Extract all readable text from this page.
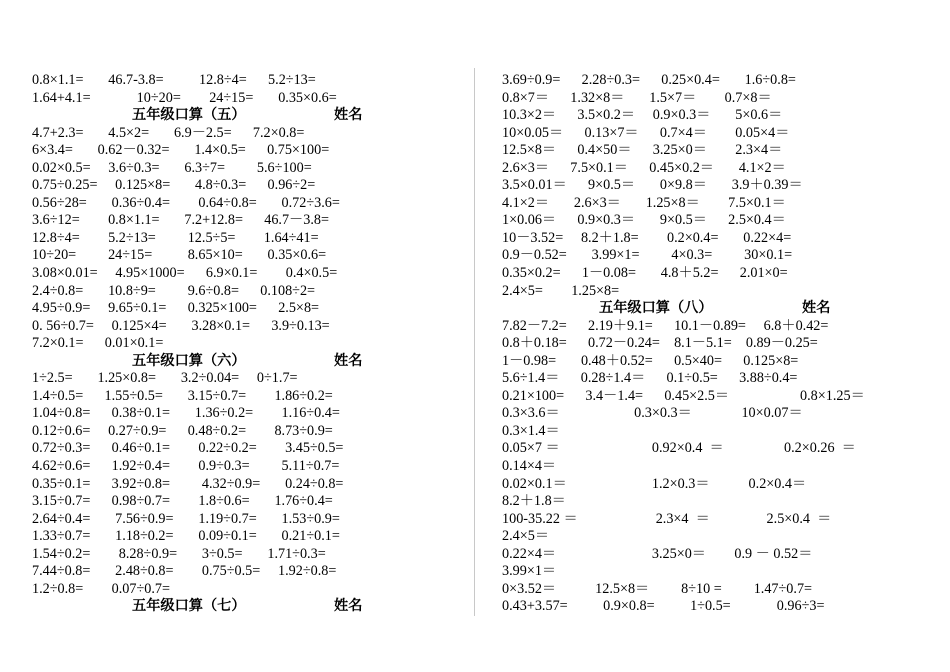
0.8×1.1=       46.7-3.8=          12.8÷4=      5.2÷13=
1.64+4.1=             10÷20=        24÷15=       0.35×0.6=
五年级口算（五）	姓名
4.7+2.3=       4.5×2=       6.9－2.5=      7.2×0.8=
6×3.4=       0.62－0.32=       1.4×0.5=      0.75×100=
0.02×0.5=     3.6÷0.3=       6.3÷7=         5.6÷100=
0.75÷0.25=     0.125×8=       4.8÷0.3=      0.96÷2=
0.56÷28=       0.36÷0.4=        0.64÷0.8=       0.72÷3.6=
3.6÷12=        0.8×1.1=       7.2+12.8=      46.7－3.8=
12.8÷4=        5.2÷13=         12.5÷5=        1.64÷41=
10÷20=         24÷15=          8.65×10=       0.35×0.6=
3.08×0.01=     4.95×1000=      6.9×0.1=        0.4×0.5=
2.4÷0.8=       10.8÷9=         9.6÷0.8=      0.108÷2=
4.95÷0.9=     9.65÷0.1=      0.325×100=      2.5×8=
0. 56÷0.7=     0.125×4=       3.28×0.1=      3.9÷0.13=
7.2×0.1=      0.01×0.1=
五年级口算（六）	姓名
1÷2.5=       1.25×0.8=       3.2÷0.04=     0÷1.7=
1.4÷0.5=      1.55÷0.5=       3.15÷0.7=        1.86÷0.2=
1.04÷0.8=      0.38÷0.1=       1.36÷0.2=        1.16÷0.4=
0.12÷0.6=     0.27÷0.9=      0.48÷0.2=        8.73÷0.9=
0.72÷0.3=      0.46÷0.1=        0.22÷0.2=        3.45÷0.5=
4.62÷0.6=      1.92÷0.4=        0.9÷0.3=         5.11÷0.7=
0.35÷0.1=      3.92÷0.8=         4.32÷0.9=       0.24÷0.8=
3.15÷0.7=      0.98÷0.7=        1.8÷0.6=       1.76÷0.4=
2.64÷0.4=       7.56÷0.9=       1.19÷0.7=       1.53÷0.9=
1.33÷0.7=       1.18÷0.2=       0.09÷0.1=       0.21÷0.1=
1.54÷0.2=        8.28÷0.9=       3÷0.5=       1.71÷0.3=
7.44÷0.8=       2.48÷0.8=        0.75÷0.5=     1.92÷0.8=
1.2÷0.8=        0.07÷0.7=
五年级口算（七）	姓名
3.69÷0.9=      2.28÷0.3=      0.25×0.4=       1.6÷0.8=
0.8×7＝      1.32×8＝       1.5×7＝        0.7×8＝
10.3×2＝      3.5×0.2＝     0.9×0.3＝       5×0.6＝
10×0.05＝      0.13×7＝      0.7×4＝        0.05×4＝
12.5×8＝      0.4×50＝      3.25×0＝        2.3×4＝
2.6×3＝      7.5×0.1＝      0.45×0.2＝       4.1×2＝
3.5×0.01＝      9×0.5＝       0×9.8＝       3.9＋0.39＝
4.1×2＝       2.6×3＝       1.25×8＝        7.5×0.1＝
1×0.06＝      0.9×0.3＝       9×0.5＝      2.5×0.4＝
10－3.52=     8.2＋1.8=        0.2×0.4=       0.22×4=
0.9－0.52=       3.99×1=         4×0.3=         30×0.1=
0.35×0.2=      1－0.08=       4.8＋5.2=      2.01×0=
2.4×5=        1.25×8=
五年级口算（八）	姓名
7.82－7.2=      2.19＋9.1=      10.1－0.89=     6.8＋0.42=
0.8＋0.18=      0.72－0.24=    8.1－5.1=    0.89－0.25=
1－0.98=       0.48＋0.52=      0.5×40=      0.125×8=
5.6÷1.4＝      0.28÷1.4＝      0.1÷0.5=      3.88÷0.4=
0.21×100=      3.4－1.4=      0.45×2.5＝                    0.8×1.25＝
0.3×3.6＝                     0.3×0.3＝              10×0.07＝
0.3×1.4＝
0.05×7 ＝                          0.92×0.4  ＝                 0.2×0.26  ＝
0.14×4＝
0.02×0.1＝                        1.2×0.3＝           0.2×0.4＝
8.2＋1.8＝
100-35.22 ＝                      2.3×4  ＝                2.5×0.4  ＝
2.4×5＝
0.22×4＝                           3.25×0＝        0.9 － 0.52＝
3.99×1＝
0×3.52＝           12.5×8＝         8÷10 =         1.47÷0.7=
0.43+3.57=          0.9×0.8=          1÷0.5=             0.96÷3=
